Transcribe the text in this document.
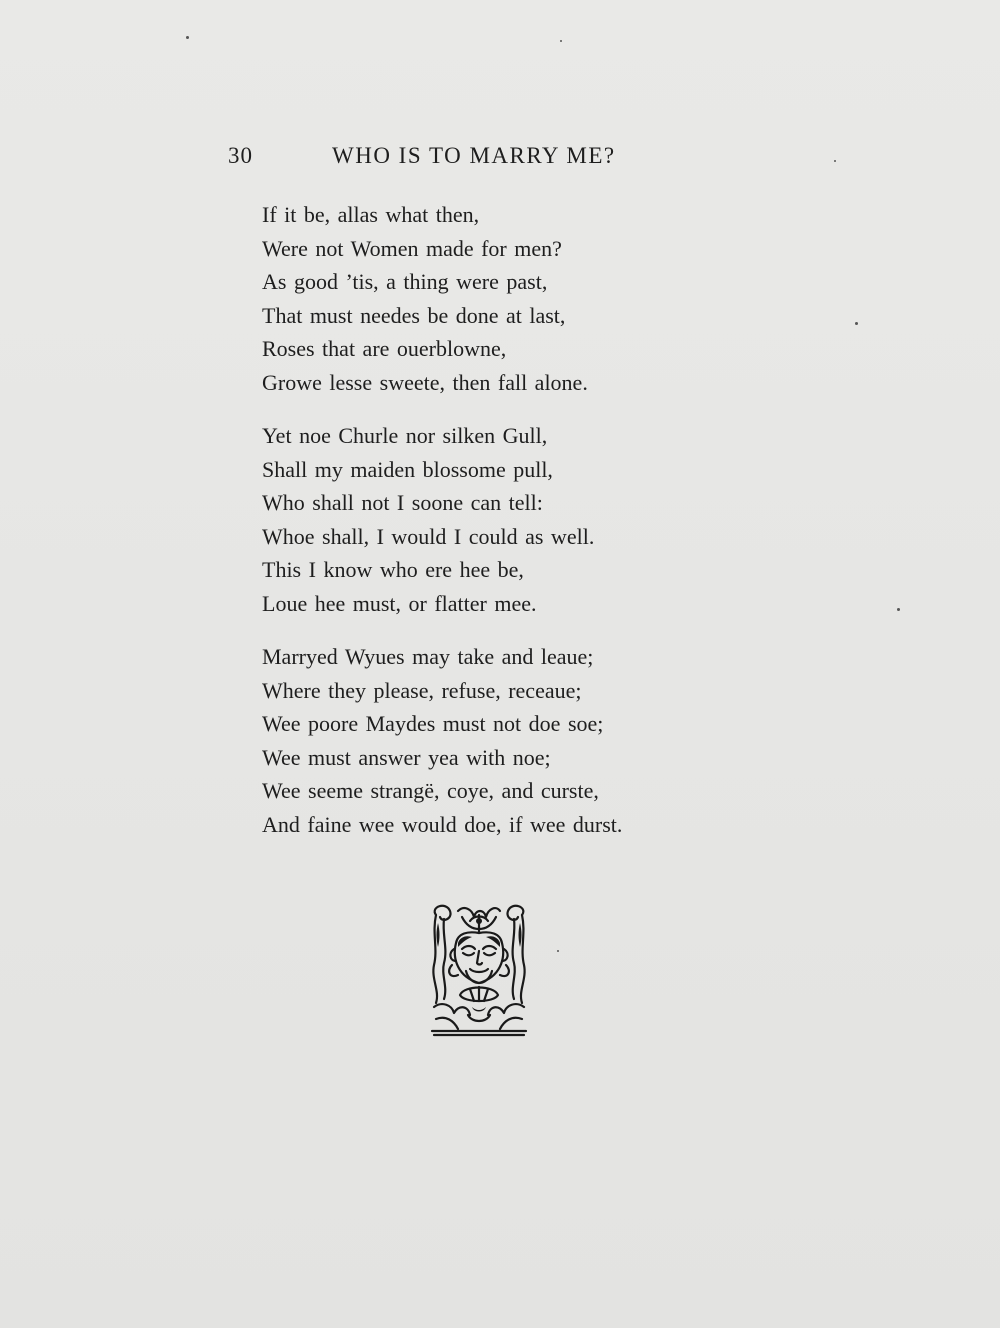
30	WHO IS TO MARRY ME?
If it be, allas what then,
Were not Women made for men?
As good ’tis, a thing were past,
That must needes be done at last,
Roses that are ouerblowne,
Growe lesse sweete, then fall alone.
Yet noe Churle nor silken Gull,
Shall my maiden blossome pull,
Who shall not I soone can tell:
Whoe shall, I would I could as well.
This I know who ere hee be,
Loue hee must, or flatter mee.
Marryed Wyues may take and leaue;
Where they please, refuse, receaue;
Wee poore Maydes must not doe soe;
Wee must answer yea with noe;
Wee seeme strangë, coye, and curste,
And faine wee would doe, if wee durst.
